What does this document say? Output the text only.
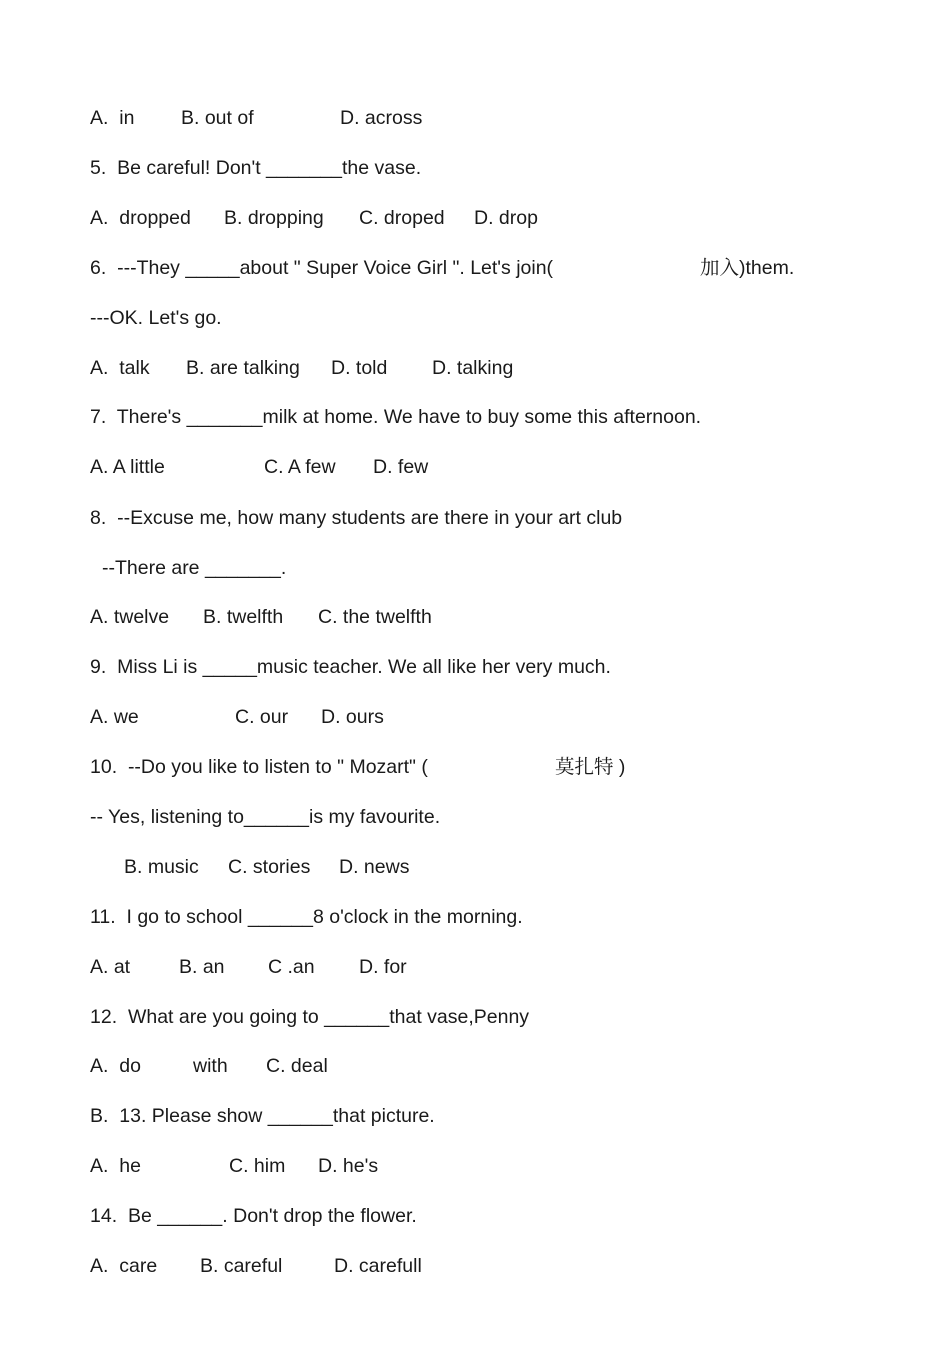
A.  in B. out of	D. across
5.  Be careful! Don't _______the vase.
A.  dropped B. dropping C. droped D. drop
6.  ---They _____about " Super Voice Girl ". Let's join(	加入)them.
---OK. Let's go.
A.  talk B. are talking D. told D. talking
7.  There's _______milk at home. We have to buy some this afternoon.
A. A little	C. A few D. few
8.  --Excuse me, how many students are there in your art club
--There are _______.
A. twelve B. twelfth C. the twelfth
9.  Miss Li is _____music teacher. We all like her very much.
A. we	C. our D. ours
10.  --Do you like to listen to " Mozart" (	莫扎特 )
-- Yes, listening to______is my favourite.
B. music C. stories D. news
11.  I go to school ______8 o'clock in the morning.
A. at	B. an C .an D. for
12.  What are you going to ______that vase,Penny
A.  do	with C. deal
B.  13. Please show ______that picture.
A.  he	C. him D. he's
14.  Be ______. Don't drop the flower.
A.  care B. careful	D. carefull
